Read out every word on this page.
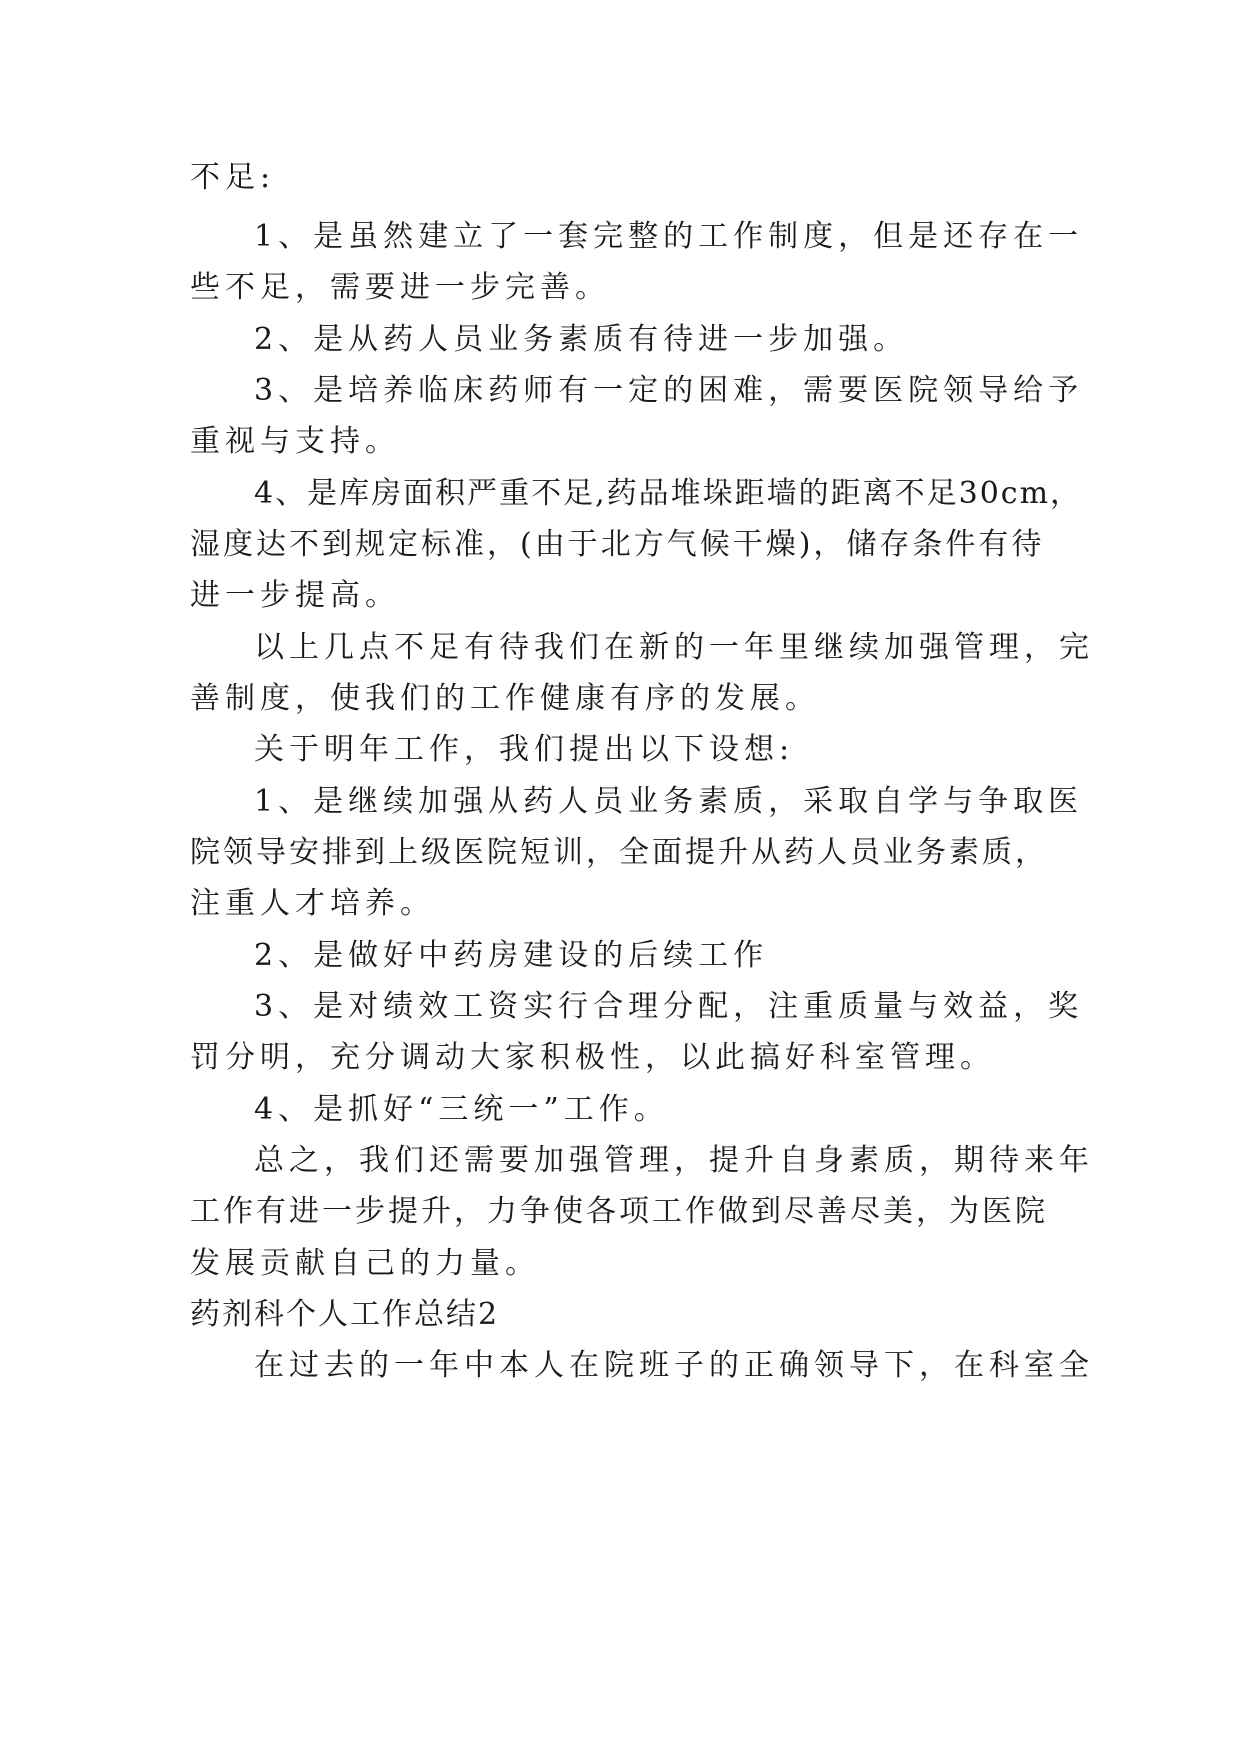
不足:
1、是虽然建立了一套完整的工作制度，但是还存在一
些不足，需要进一步完善。
2、是从药人员业务素质有待进一步加强。
3、是培养临床药师有一定的困难，需要医院领导给予
重视与支持。
4、是库房面积严重不足,药品堆垛距墙的距离不足30cm，
湿度达不到规定标准，(由于北方气候干燥)，储存条件有待
进一步提高。
以上几点不足有待我们在新的一年里继续加强管理，完
善制度，使我们的工作健康有序的发展。
关于明年工作，我们提出以下设想:
1、是继续加强从药人员业务素质，采取自学与争取医
院领导安排到上级医院短训，全面提升从药人员业务素质，
注重人才培养。
2、是做好中药房建设的后续工作
3、是对绩效工资实行合理分配，注重质量与效益，奖
罚分明，充分调动大家积极性，以此搞好科室管理。
4、是抓好“三统一”工作。
总之，我们还需要加强管理，提升自身素质，期待来年
工作有进一步提升，力争使各项工作做到尽善尽美，为医院
发展贡献自己的力量。
药剂科个人工作总结2
在过去的一年中本人在院班子的正确领导下，在科室全
